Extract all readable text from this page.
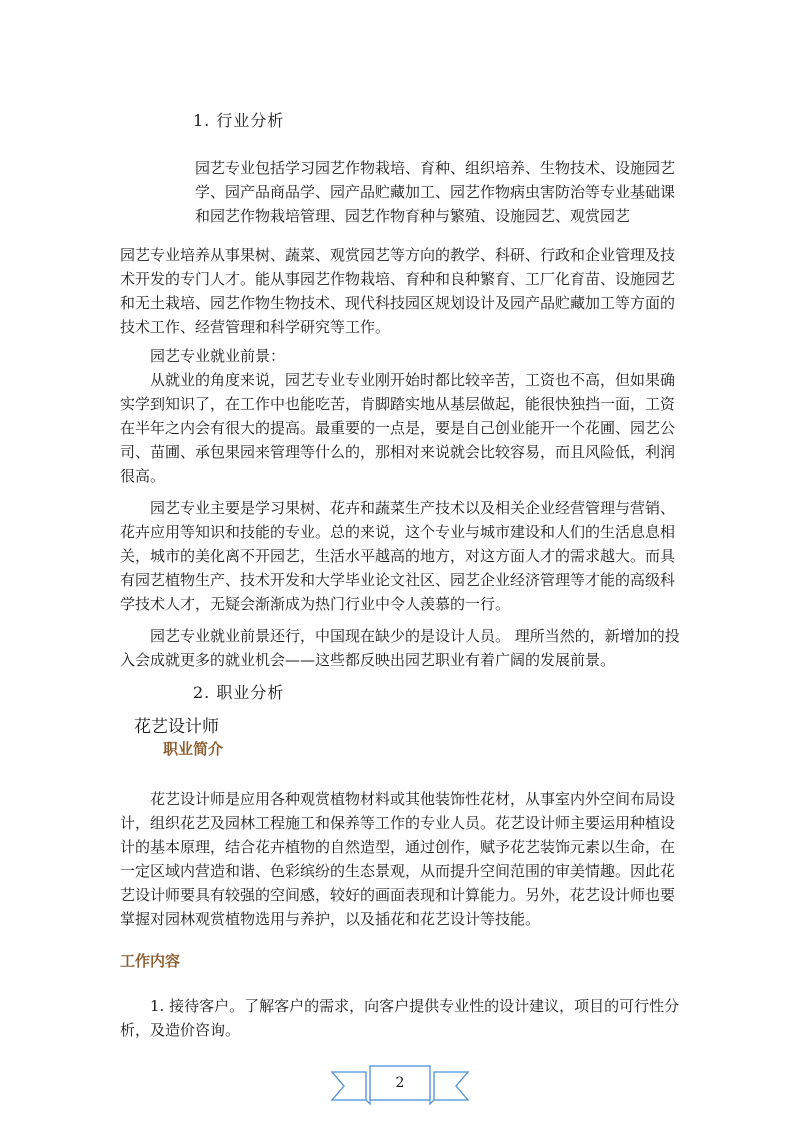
1. 行业分析

园艺专业包括学习园艺作物栽培、育种、组织培养、生物技术、设施园艺学、园产品商品学、园产品贮藏加工、园艺作物病虫害防治等专业基础课和园艺作物栽培管理、园艺作物育种与繁殖、设施园艺、观赏园艺

园艺专业培养从事果树、蔬菜、观赏园艺等方向的教学、科研、行政和企业管理及技术开发的专门人才。能从事园艺作物栽培、育种和良种繁育、工厂化育苗、设施园艺和无土栽培、园艺作物生物技术、现代科技园区规划设计及园产品贮藏加工等方面的技术工作、经营管理和科学研究等工作。

园艺专业就业前景：

从就业的角度来说，园艺专业专业刚开始时都比较辛苦，工资也不高，但如果确实学到知识了，在工作中也能吃苦，肯脚踏实地从基层做起，能很快独挡一面，工资在半年之内会有很大的提高。最重要的一点是，要是自己创业能开一个花圃、园艺公司、苗圃、承包果园来管理等什么的，那相对来说就会比较容易，而且风险低，利润很高。

园艺专业主要是学习果树、花卉和蔬菜生产技术以及相关企业经营管理与营销、花卉应用等知识和技能的专业。总的来说，这个专业与城市建设和人们的生活息息相关，城市的美化离不开园艺，生活水平越高的地方，对这方面人才的需求越大。而具有园艺植物生产、技术开发和大学毕业论文社区、园艺企业经济管理等才能的高级科学技术人才，无疑会渐渐成为热门行业中令人羡慕的一行。

园艺专业就业前景还行，中国现在缺少的是设计人员。 理所当然的，新增加的投入会成就更多的就业机会——这些都反映出园艺职业有着广阔的发展前景。

2. 职业分析
花艺设计师
职业简介

花艺设计师是应用各种观赏植物材料或其他装饰性花材，从事室内外空间布局设计，组织花艺及园林工程施工和保养等工作的专业人员。花艺设计师主要运用种植设计的基本原理，结合花卉植物的自然造型，通过创作，赋予花艺装饰元素以生命，在一定区域内营造和谐、色彩缤纷的生态景观，从而提升空间范围的审美情趣。因此花艺设计师要具有较强的空间感，较好的画面表现和计算能力。另外，花艺设计师也要掌握对园林观赏植物选用与养护，以及插花和花艺设计等技能。

工作内容

1. 接待客户。了解客户的需求，向客户提供专业性的设计建议，项目的可行性分析，及造价咨询。

2
